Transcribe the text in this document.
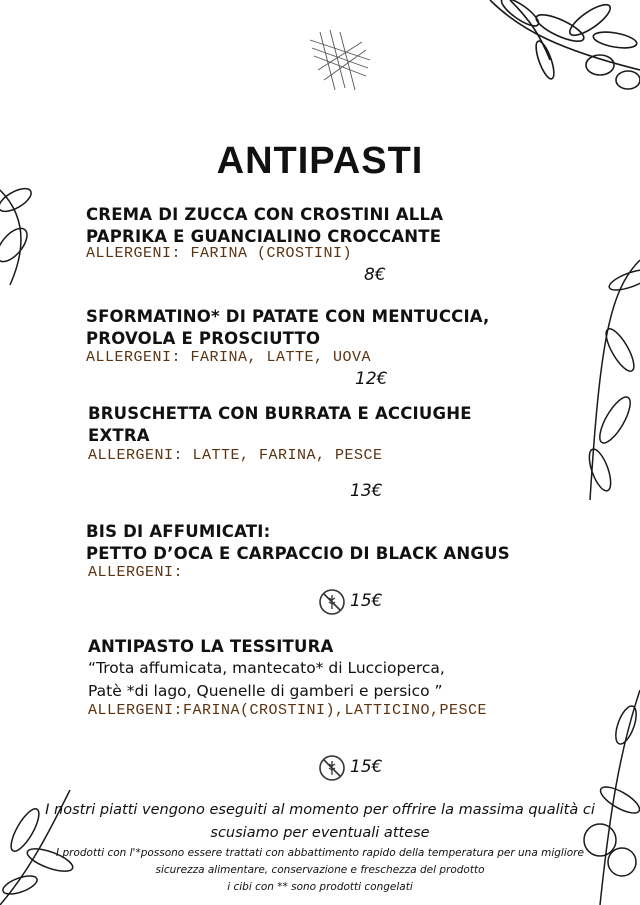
ANTIPASTI
CREMA DI ZUCCA CON CROSTINI ALLA
PAPRIKA E GUANCIALINO CROCCANTE
ALLERGENI: FARINA (CROSTINI)
8€
SFORMATINO* DI PATATE CON MENTUCCIA,
PROVOLA E PROSCIUTTO
ALLERGENI: FARINA, LATTE, UOVA
12€
BRUSCHETTA CON BURRATA E ACCIUGHE
EXTRA
ALLERGENI: LATTE, FARINA, PESCE
13€
BIS DI AFFUMICATI:
PETTO D’OCA E CARPACCIO DI BLACK ANGUS
ALLERGENI:
15€
ANTIPASTO LA TESSITURA
“Trota affumicata, mantecato* di Luccioperca,
Patè *di lago, Quenelle di gamberi e persico ”
ALLERGENI:FARINA(CROSTINI),LATTICINO,PESCE
15€
I nostri piatti vengono eseguiti al momento per offrire la massima qualità ci
scusiamo per eventuali attese
I prodotti con l'*possono essere trattati con abbattimento rapido della temperatura per una migliore
sicurezza alimentare, conservazione e freschezza del prodotto
i cibi con ** sono prodotti congelati
